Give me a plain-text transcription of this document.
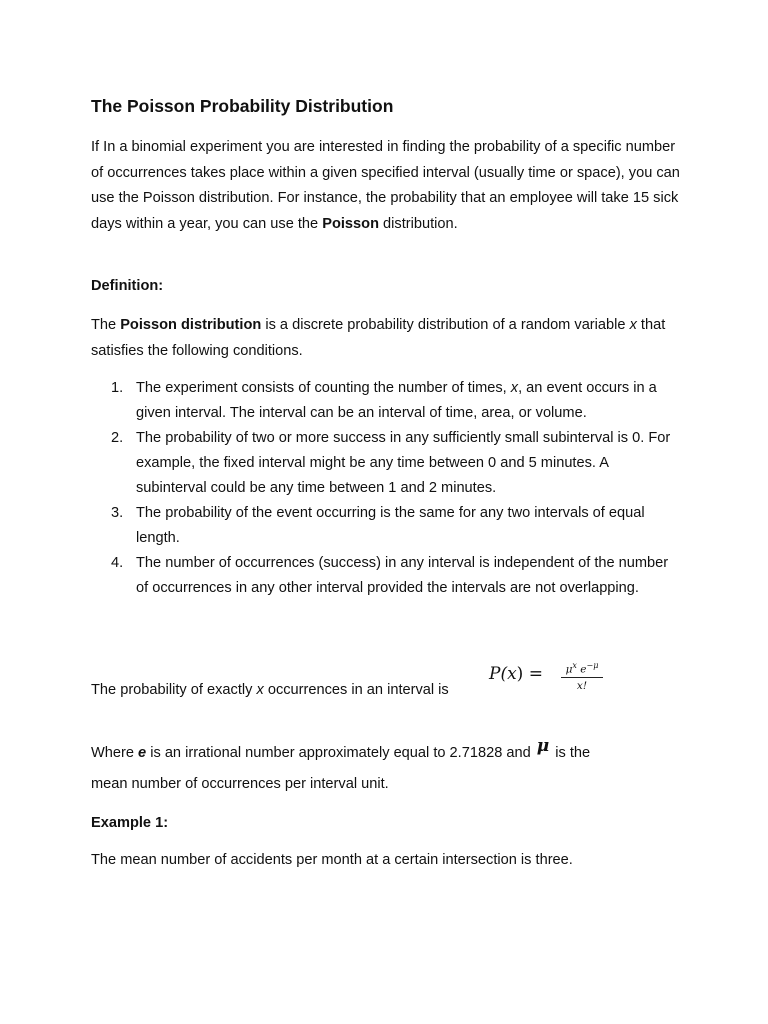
The Poisson Probability Distribution

If In a binomial experiment you are interested in finding the probability of a specific number of occurrences takes place within a given specified interval (usually time or space), you can use the Poisson distribution. For instance, the probability that an employee will take 15 sick days within a year, you can use the Poisson distribution.

Definition:

The Poisson distribution is a discrete probability distribution of a random variable x that satisfies the following conditions.

1. The experiment consists of counting the number of times, x, an event occurs in a given interval. The interval can be an interval of time, area, or volume.
2. The probability of two or more success in any sufficiently small subinterval is 0. For example, the fixed interval might be any time between 0 and 5 minutes. A subinterval could be any time between 1 and 2 minutes.
3. The probability of the event occurring is the same for any two intervals of equal length.
4. The number of occurrences (success) in any interval is independent of the number of occurrences in any other interval provided the intervals are not overlapping.
The probability of exactly x occurrences in an interval is
P(x) =	$\mu^x$ $e^{-\mu}$
x!

Where e is an irrational number approximately equal to 2.71828 and μ is the

mean number of occurrences per interval unit.

Example 1:

The mean number of accidents per month at a certain intersection is three.
